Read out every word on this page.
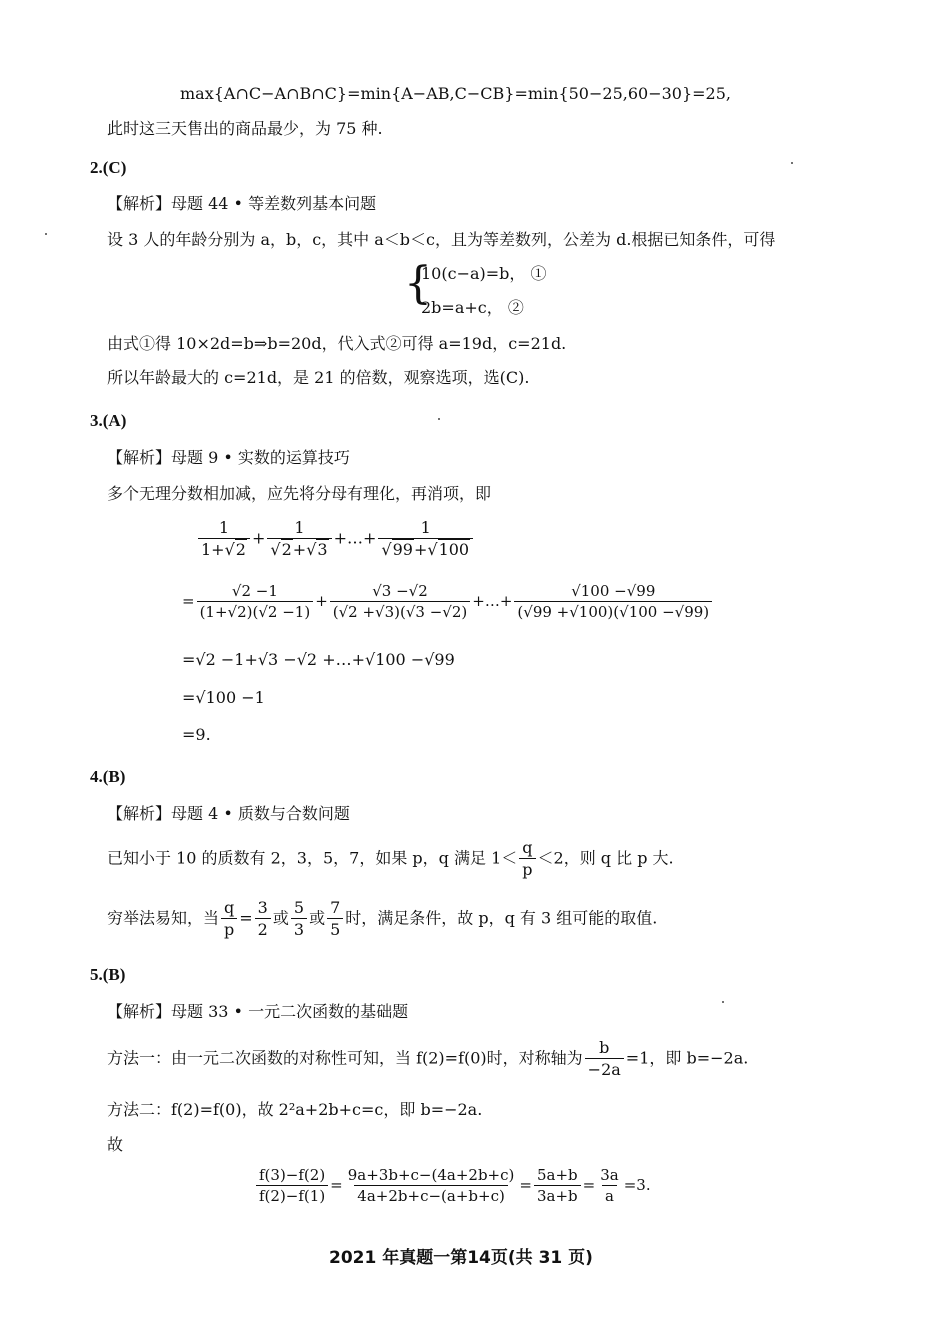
max{A∩C−A∩B∩C}=min{A−AB,C−CB}=min{50−25,60−30}=25,
此时这三天售出的商品最少，为 75 种.
2.(C)
【解析】母题 44 • 等差数列基本问题
设 3 人的年龄分别为 a，b，c，其中 a＜b＜c，且为等差数列，公差为 d.根据已知条件，可得
{
10(c−a)=b， ①
2b=a+c， ②
由式①得 10×2d=b⇒b=20d，代入式②可得 a=19d，c=21d.
所以年龄最大的 c=21d，是 21 的倍数，观察选项，选(C).
3.(A)
【解析】母题 9 • 实数的运算技巧
多个无理分数相加减，应先将分母有理化，再消项，即
$\frac{1}{1+√2} + \frac{1}{√2+√3}$ +…+ $\frac{1}{√99+√100}$
= $\frac{√2 -1}{(1+√2)(√2 -1)} + \frac{√3 -√2}{(√2 +√3)(√3 -√2)}$ +…+ $\frac{√100 -√99}{(√99 +√100)(√100 -√99)}$
=√2 −1+√3 −√2 +…+√100 −√99
=√100 −1
=9.
4.(B)
【解析】母题 4 • 质数与合数问题
已知小于 10 的质数有 2，3，5，7，如果 p，q 满足 $1< \frac{q}{p} <2$，则 q 比 p 大.
穷举法易知，当 $\frac{q}{p} = \frac{3}{2}$ 或 $\frac{5}{3}$ 或 $\frac{7}{5}$ 时，满足条件，故 p，q 有 3 组可能的取值.
5.(B)
【解析】母题 33 • 一元二次函数的基础题
方法一：由一元二次函数的对称性可知，当 f(2)=f(0)时，对称轴为 $\frac{b}{-2a} =1$，即 b=−2a.
方法二：f(2)=f(0)，故 2²a+2b+c=c，即 b=−2a.
故
$\frac{f(3)-f(2)}{f(2)-f(1)} = \frac{9a+3b+c-(4a+2b+c)}{4a+2b+c-(a+b+c)} = \frac{5a+b}{3a+b} = \frac{3a}{a} =3$.
2021 年真题一第14页(共 31 页)
